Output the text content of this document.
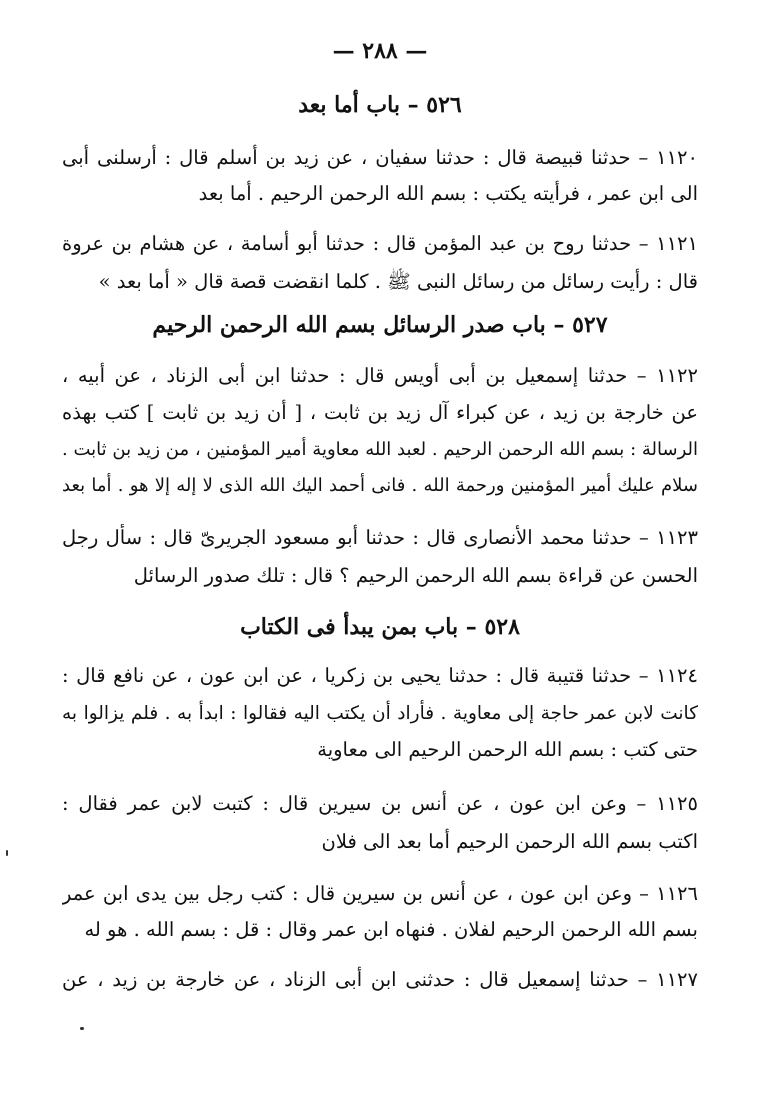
— ٢٨٨ —
٥٢٦ – باب أما بعد
١١٢٠ – حدثنا قبيصة قال : حدثنا سفيان ، عن زيد بن أسلم قال : أرسلنى أبى
الى ابن عمر ، فرأيته يكتب : بسم الله الرحمن الرحيم . أما بعد
١١٢١ – حدثنا روح بن عبد المؤمن قال : حدثنا أبو أسامة ، عن هشام بن عروة
قال : رأيت رسائل من رسائل النبى ﷺ . كلما انقضت قصة قال « أما بعد »
٥٢٧ – باب صدر الرسائل بسم الله الرحمن الرحيم
١١٢٢ – حدثنا إسمعيل بن أبى أويس قال : حدثنا ابن أبى الزناد ، عن أبيه ،
عن خارجة بن زيد ، عن كبراء آل زيد بن ثابت ، [ أن زيد بن ثابت ] كتب بهذه
الرسالة : بسم الله الرحمن الرحيم . لعبد الله معاوية أمير المؤمنين ، من زيد بن ثابت .
سلام عليك أمير المؤمنين ورحمة الله . فانى أحمد اليك الله الذى لا إله إلا هو . أما بعد
١١٢٣ – حدثنا محمد الأنصارى قال : حدثنا أبو مسعود الجريرىّ قال : سأل رجل
الحسن عن قراءة بسم الله الرحمن الرحيم ؟ قال : تلك صدور الرسائل
٥٢٨ – باب بمن يبدأ فى الكتاب
١١٢٤ – حدثنا قتيبة قال : حدثنا يحيى بن زكريا ، عن ابن عون ، عن نافع قال :
كانت لابن عمر حاجة إلى معاوية . فأراد أن يكتب اليه فقالوا : ابدأ به . فلم يزالوا به
حتى كتب : بسم الله الرحمن الرحيم الى معاوية
١١٢٥ – وعن ابن عون ، عن أنس بن سيرين قال : كتبت لابن عمر فقال :
اكتب بسم الله الرحمن الرحيم أما بعد الى فلان
١١٢٦ – وعن ابن عون ، عن أنس بن سيرين قال : كتب رجل بين يدى ابن عمر
بسم الله الرحمن الرحيم لفلان . فنهاه ابن عمر وقال : قل : بسم الله . هو له
١١٢٧ – حدثنا إسمعيل قال : حدثنى ابن أبى الزناد ، عن خارجة بن زيد ، عن
